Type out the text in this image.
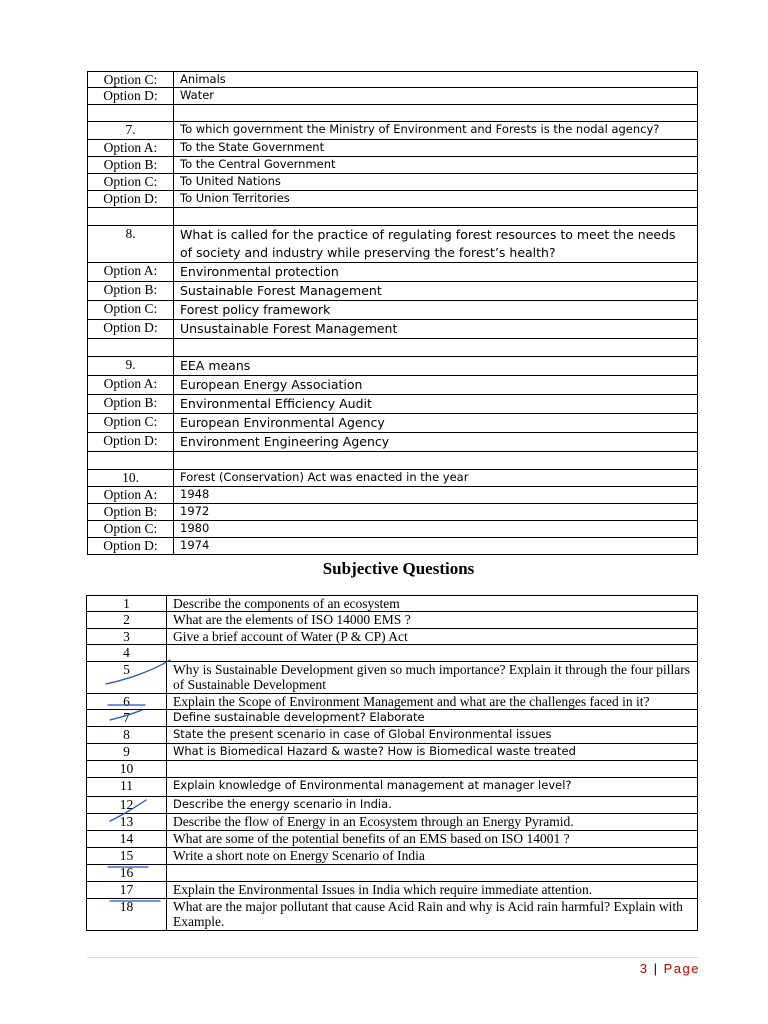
Option C:	Animals
Option D:	Water

7.	To which government the Ministry of Environment and Forests is the nodal agency?
Option A:	To the State Government
Option B:	To the Central Government
Option C:	To United Nations
Option D:	To Union Territories

8.	What is called for the practice of regulating forest resources to meet the needs of society and industry while preserving the forest’s health?
Option A:	Environmental protection
Option B:	Sustainable Forest Management
Option C:	Forest policy framework
Option D:	Unsustainable Forest Management

9.	EEA means
Option A:	European Energy Association
Option B:	Environmental Efficiency Audit
Option C:	European Environmental Agency
Option D:	Environment Engineering Agency

10.	Forest (Conservation) Act was enacted in the year
Option A:	1948
Option B:	1972
Option C:	1980
Option D:	1974
Subjective Questions
1	Describe the components of an ecosystem
2	What are the elements of ISO 14000 EMS ?
3	Give a brief account of Water (P & CP) Act
4	
5	Why is Sustainable Development given so much importance? Explain it through the four pillars of Sustainable Development
6	Explain the Scope of Environment Management and what are the challenges faced in it?
7	Define sustainable development? Elaborate
8	State the present scenario in case of Global Environmental issues
9	What is Biomedical Hazard & waste? How is Biomedical waste treated
10	
11	Explain knowledge of Environmental management at manager level?
12	Describe the energy scenario in India.
13	Describe the flow of Energy in an Ecosystem through an Energy Pyramid.
14	What are some of the potential benefits of an EMS based on ISO 14001 ?
15	Write a short note on Energy Scenario of India
16	
17	Explain the Environmental Issues in India which require immediate attention.
18	What are the major pollutant that cause Acid Rain and why is Acid rain harmful? Explain with Example.
3 | Page
